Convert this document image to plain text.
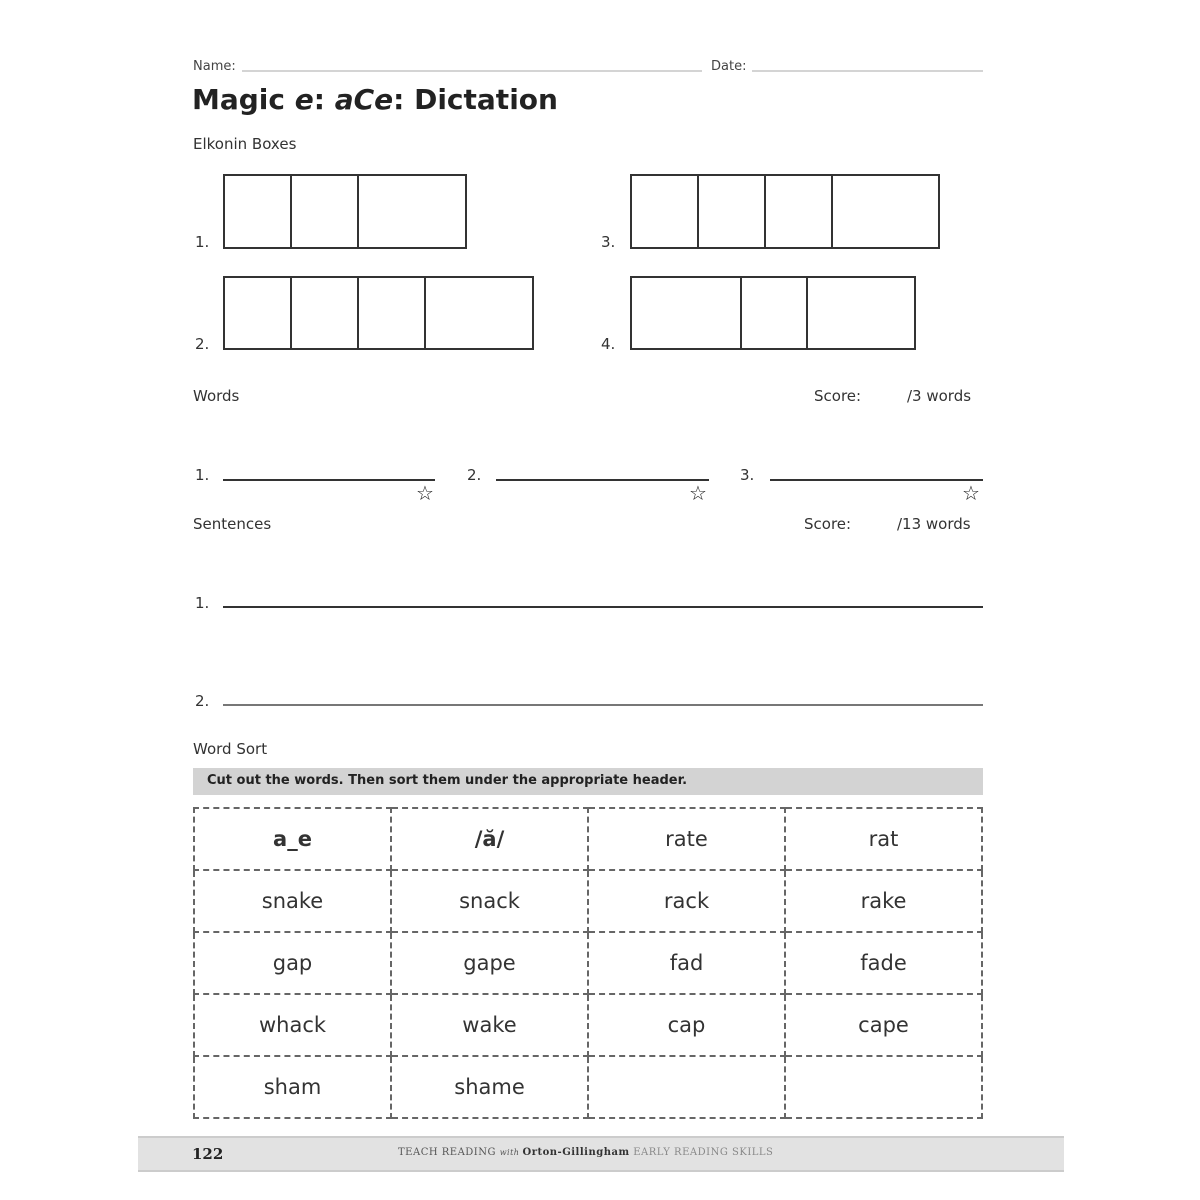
Name:	Date:
Magic e: aCe: Dictation
Elkonin Boxes
1.
2.
3.
4.
Words	Score:	/3 words
1.
☆
2.
☆
3.
☆
Sentences	Score:	/13 words
1.
2.
Word Sort
Cut out the words. Then sort them under the appropriate header.
a_e	/ă/	rate	rat
snake	snack	rack	rake
gap	gape	fad	fade
whack	wake	cap	cape
sham	shame		
122	TEACH READING with Orton-Gillingham EARLY READING SKILLS
